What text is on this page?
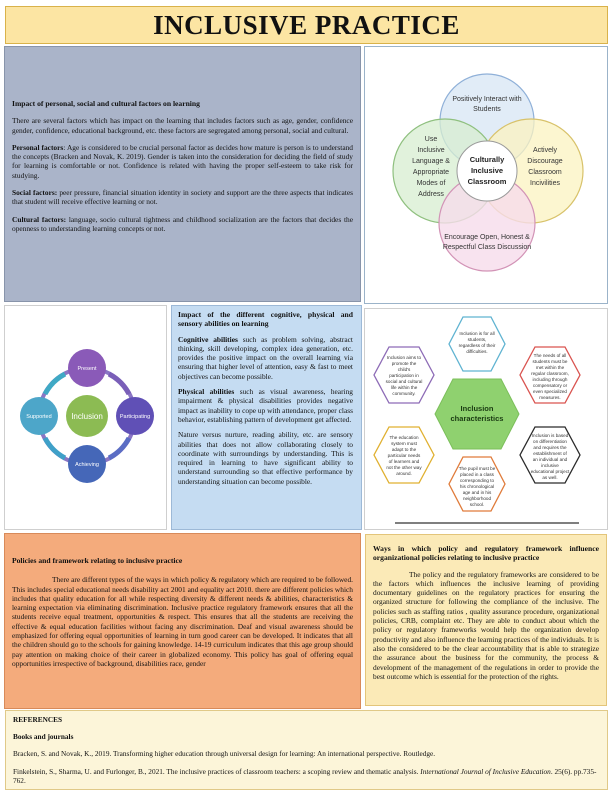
INCLUSIVE PRACTICE
Impact of personal, social and cultural factors on learning

There are several factors which has impact on the learning that includes factors such as age, gender, confidence gender, confidence, educational background, etc. these factors are segregated among personal, social and cultural.

Personal factors: Age is considered to be crucial personal factor as decides how mature is person is to understand the concepts (Bracken and Novak, K. 2019). Gender is taken into the consideration for deciding the field of study for learning is comfortable or not. Confidence is related with having the proper self-esteem to take risk for studying.

Social factors: peer pressure, financial situation identity in society and support are the three aspects that indicates that student will receive effective learning or not.

Cultural factors: language, socio cultural tightness and childhood socialization are the factors that decides the openness to understanding learning concepts or not.

Positively Interact with
Students
Use
Inclusive
Language &
Appropriate
Modes of
Address
Actively
Discourage
Classroom
Incivilities
Encourage Open, Honest &
Respectful Class Discussion
Culturally
Inclusive
Classroom
Inclusion
Present
Participating
Achieving
Supported
Impact of the different cognitive, physical and sensory abilities on learning

Cognitive abilities such as problem solving, abstract thinking, skill developing, complex idea generation, etc. provides the positive impact on the overall learning via ensuring that higher level of attention, easy & fast to meet objectives can become possible.

Physical abilities such as visual awareness, hearing impairment & physical disabilities provides negative impact as inability to cope up with attendance, proper class behavior, establishing pattern of development get affected.

Nature versus nurture, reading ability, etc. are sensory abilities that does not allow collaborating closely to coordinate with surroundings by understanding. This is required in learning to have significant ability to understand surrounding so that effective performance by understanding situation can become possible.

Inclusion
characteristics
Inclusion is for all
students,
regardless of their
difficulties.
Inclusion aims to
promote the
child's
participation in
social and cultural
life within the
community.
The needs of all
students must be
met within the
regular classroom,
including through
compensatory or
even specialized
measures.
The education
system must
adapt to the
particular needs
of learners and
not the other way
around.
Inclusion is based
on differentiation
and requires the
establishment of
an individual and
inclusive
educational project
as well.
The pupil must be
placed in a class
corresponding to
his chronological
age and in his
neighborhood
school.
Policies and framework relating to inclusive practice

There are different types of the ways in which policy & regulatory which are required to be followed. This includes special educational needs disability act 2001 and equality act 2010. there are different policies which includes that quality education for all while respecting diversity & different needs & abilities, characteristics & learning expectation via eliminating discrimination. Inclusive practice regulatory framework ensures that all the students receive equal treatment, opportunities & respect. This ensures that all the students are receiving the effective & equal education facilities without facing any discrimination. Deaf and visual awareness should be emphasized for offering equal opportunities of learning in turn good career can be developed. It indicates that all the children should go to the schools for gaining knowledge. 14-19 curriculum indicates that this age group should pay attention on making choice of their career in globalized economy. This policy has goal of offering equal opportunities irrespective of background, disabilities race, gender

Ways in which policy and regulatory framework influence organizational policies relating to inclusive practice

The policy and the regulatory frameworks are considered to be the factors which influences the inclusive learning of providing documentary guidelines on the regulatory practices for ensuring the organized structure for following the compliance of the inclusive. The policies such as staffing ratios , quality assurance procedure, organizational policies, CRB, complaint etc. They are able to conduct about which the policy or regulatory frameworks would help the organization develop productivity and also influence the learning practices of the individuals. It is also the considered to be the clear accountability that is able to strategize the assurance about the business for the community, the process & development of the management of the regulations in order to provide the best outcome which is essential for the protection of the rights.

REFERENCES

Books and journals

Bracken, S. and Novak, K., 2019. Transforming higher education through universal design for learning: An international perspective. Routledge.

Finkelstein, S., Sharma, U. and Furlonger, B., 2021. The inclusive practices of classroom teachers: a scoping review and thematic analysis. International Journal of Inclusive Education. 25(6). pp.735-762.
